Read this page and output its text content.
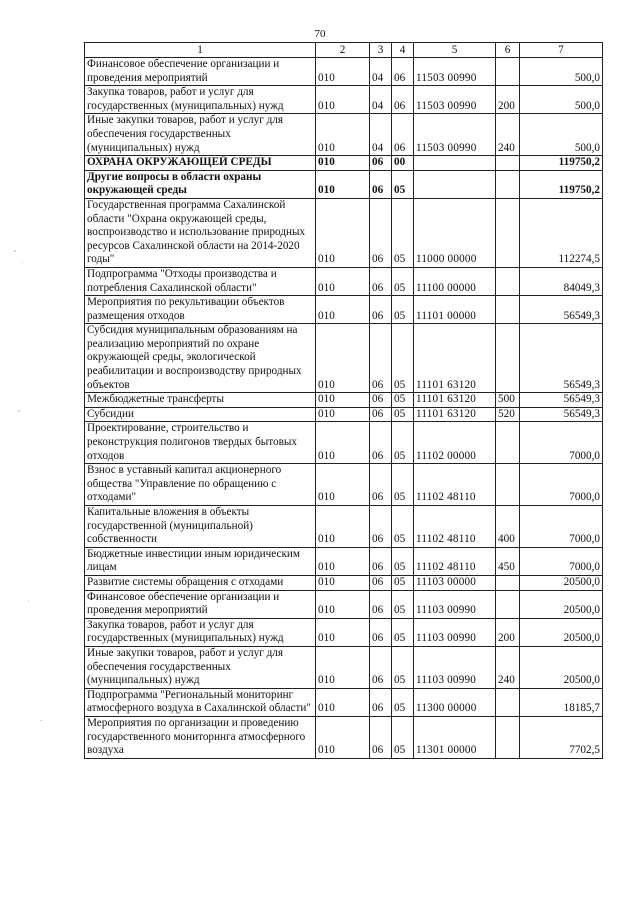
70
1	2	3	4	5	6	7
Финансовое обеспечение организации и проведения мероприятий	010	04	06	11503 00990		500,0
Закупка товаров, работ и услуг для государственных (муниципальных) нужд	010	04	06	11503 00990	200	500,0
Иные закупки товаров, работ и услуг для обеспечения государственных (муниципальных) нужд	010	04	06	11503 00990	240	500,0
ОХРАНА ОКРУЖАЮЩЕЙ СРЕДЫ	010	06	00			119750,2
Другие вопросы в области охраны окружающей среды	010	06	05			119750,2
Государственная программа Сахалинской области "Охрана окружающей среды, воспроизводство и использование природных ресурсов Сахалинской области на 2014-2020 годы"	010	06	05	11000 00000		112274,5
Подпрограмма "Отходы производства и потребления Сахалинской области"	010	06	05	11100 00000		84049,3
Мероприятия по рекультивации объектов размещения отходов	010	06	05	11101 00000		56549,3
Субсидия муниципальным образованиям на реализацию мероприятий по охране окружающей среды, экологической реабилитации и воспроизводству природных объектов	010	06	05	11101 63120		56549,3
Межбюджетные трансферты	010	06	05	11101 63120	500	56549,3
Субсидии	010	06	05	11101 63120	520	56549,3
Проектирование, строительство и реконструкция полигонов твердых бытовых отходов	010	06	05	11102 00000		7000,0
Взнос в уставный капитал акционерного общества "Управление по обращению с отходами"	010	06	05	11102 48110		7000,0
Капитальные вложения в объекты государственной (муниципальной) собственности	010	06	05	11102 48110	400	7000,0
Бюджетные инвестиции иным юридическим лицам	010	06	05	11102 48110	450	7000,0
Развитие системы обращения с отходами	010	06	05	11103 00000		20500,0
Финансовое обеспечение организации и проведения мероприятий	010	06	05	11103 00990		20500,0
Закупка товаров, работ и услуг для государственных (муниципальных) нужд	010	06	05	11103 00990	200	20500,0
Иные закупки товаров, работ и услуг для обеспечения государственных (муниципальных) нужд	010	06	05	11103 00990	240	20500,0
Подпрограмма "Региональный мониторинг атмосферного воздуха в Сахалинской области"	010	06	05	11300 00000		18185,7
Мероприятия по организации и проведению государственного мониторинга атмосферного воздуха	010	06	05	11301 00000		7702,5
